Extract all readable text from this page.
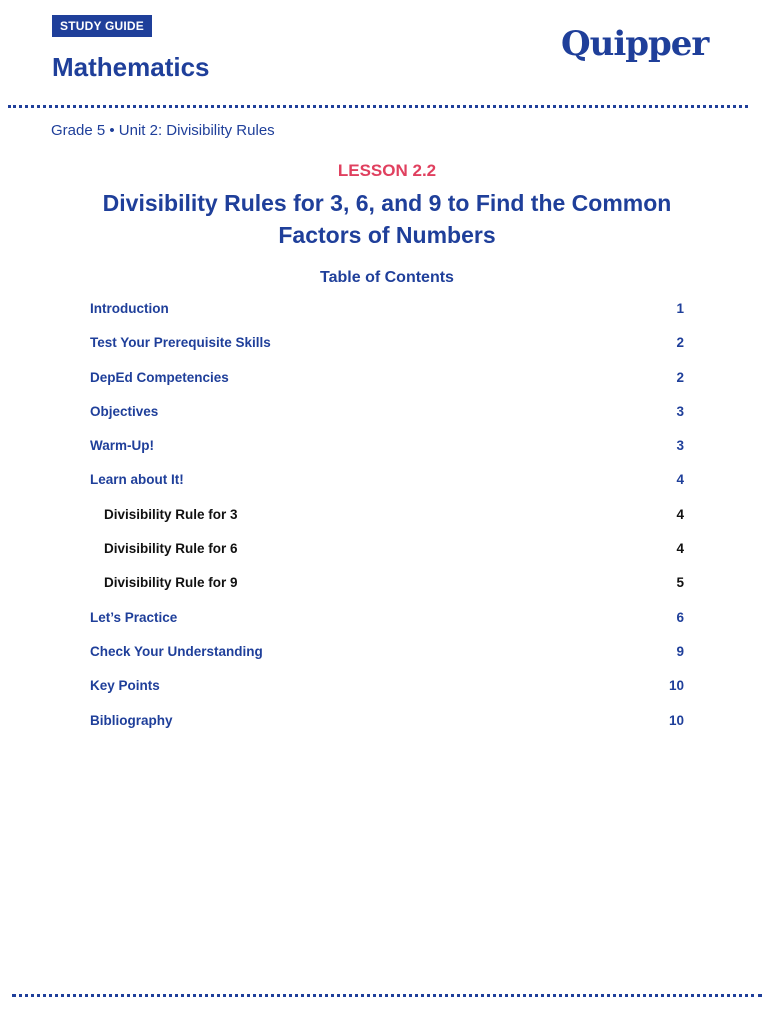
STUDY GUIDE
Mathematics
Quipper
Grade 5 • Unit 2: Divisibility Rules
LESSON 2.2
Divisibility Rules for 3, 6, and 9 to Find the Common Factors of Numbers
Table of Contents
Introduction	1
Test Your Prerequisite Skills	2
DepEd Competencies	2
Objectives	3
Warm-Up!	3
Learn about It!	4
Divisibility Rule for 3	4
Divisibility Rule for 6	4
Divisibility Rule for 9	5
Let’s Practice	6
Check Your Understanding	9
Key Points	10
Bibliography	10
